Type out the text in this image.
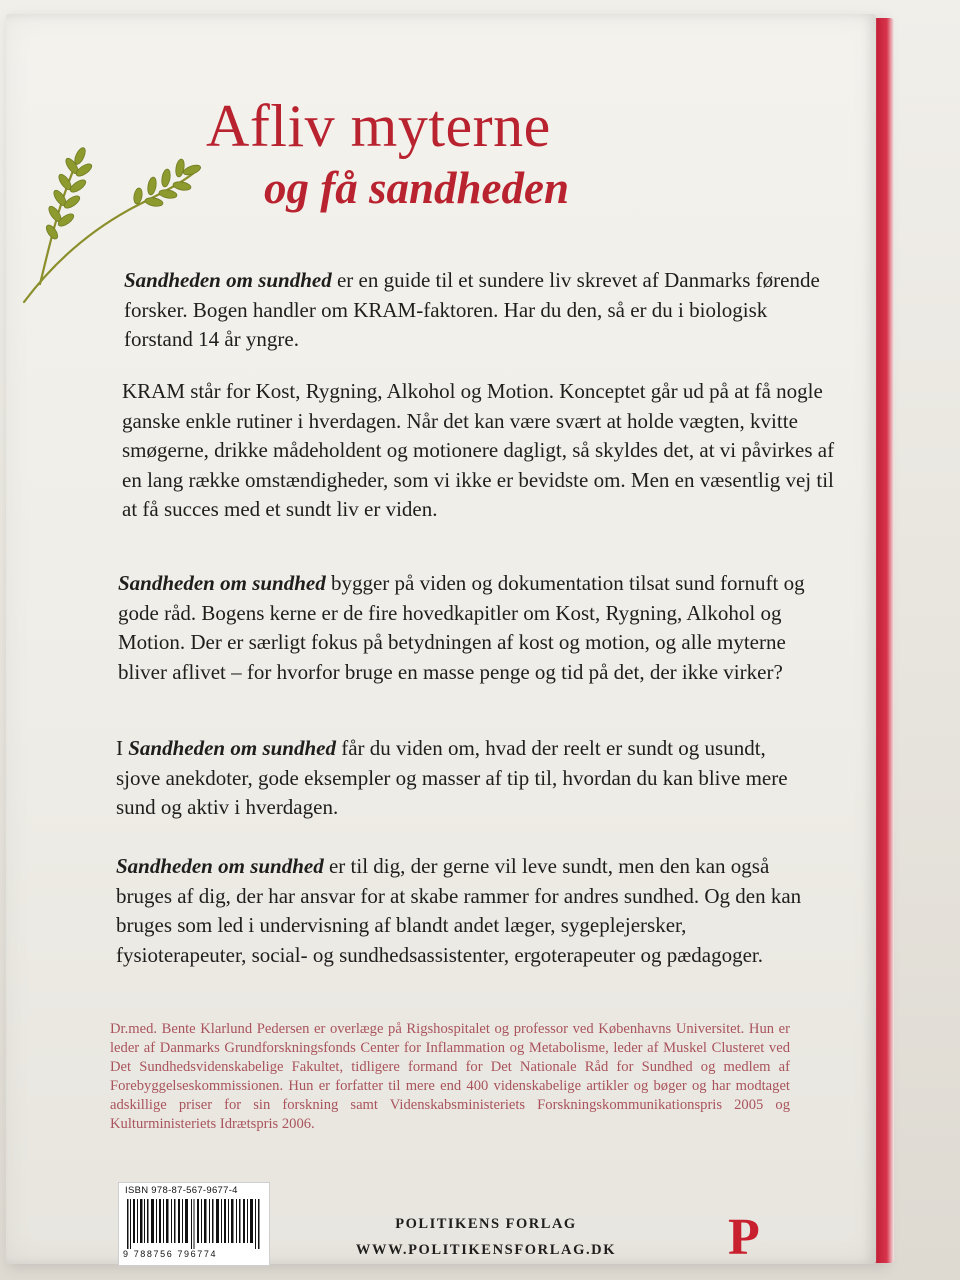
Afliv myterne
og få sandheden

Sandheden om sundhed er en guide til et sundere liv skrevet af Danmarks førende forsker. Bogen handler om KRAM-faktoren. Har du den, så er du i biologisk forstand 14 år yngre.

KRAM står for Kost, Rygning, Alkohol og Motion. Konceptet går ud på at få nogle ganske enkle rutiner i hverdagen. Når det kan være svært at holde vægten, kvitte smøgerne, drikke mådeholdent og motionere dagligt, så skyldes det, at vi påvirkes af en lang række omstændigheder, som vi ikke er bevidste om. Men en væsentlig vej til at få succes med et sundt liv er viden.

Sandheden om sundhed bygger på viden og dokumentation tilsat sund fornuft og gode råd. Bogens kerne er de fire hovedkapitler om Kost, Rygning, Alkohol og Motion. Der er særligt fokus på betydningen af kost og motion, og alle myterne bliver aflivet – for hvorfor bruge en masse penge og tid på det, der ikke virker?

I Sandheden om sundhed får du viden om, hvad der reelt er sundt og usundt, sjove anekdoter, gode eksempler og masser af tip til, hvordan du kan blive mere sund og aktiv i hverdagen.

Sandheden om sundhed er til dig, der gerne vil leve sundt, men den kan også bruges af dig, der har ansvar for at skabe rammer for andres sundhed. Og den kan bruges som led i undervisning af blandt andet læger, sygeplejersker, fysioterapeuter, social- og sundhedsassistenter, ergoterapeuter og pædagoger.

Dr.med. Bente Klarlund Pedersen er overlæge på Rigshospitalet og professor ved Københavns Universitet. Hun er leder af Danmarks Grundforskningsfonds Center for Inflammation og Metabolisme, leder af Muskel Clusteret ved Det Sundhedsvidenskabelige Fakultet, tidligere formand for Det Nationale Råd for Sundhed og medlem af Forebyggelseskommissionen. Hun er forfatter til mere end 400 videnskabelige artikler og bøger og har modtaget adskillige priser for sin forskning samt Videnskabsministeriets Forskningskommunikationspris 2005 og Kulturministeriets Idrætspris 2006.

ISBN 978-87-567-9677-4
9 788756 796774

POLITIKENS FORLAG

WWW.POLITIKENSFORLAG.DK	P
